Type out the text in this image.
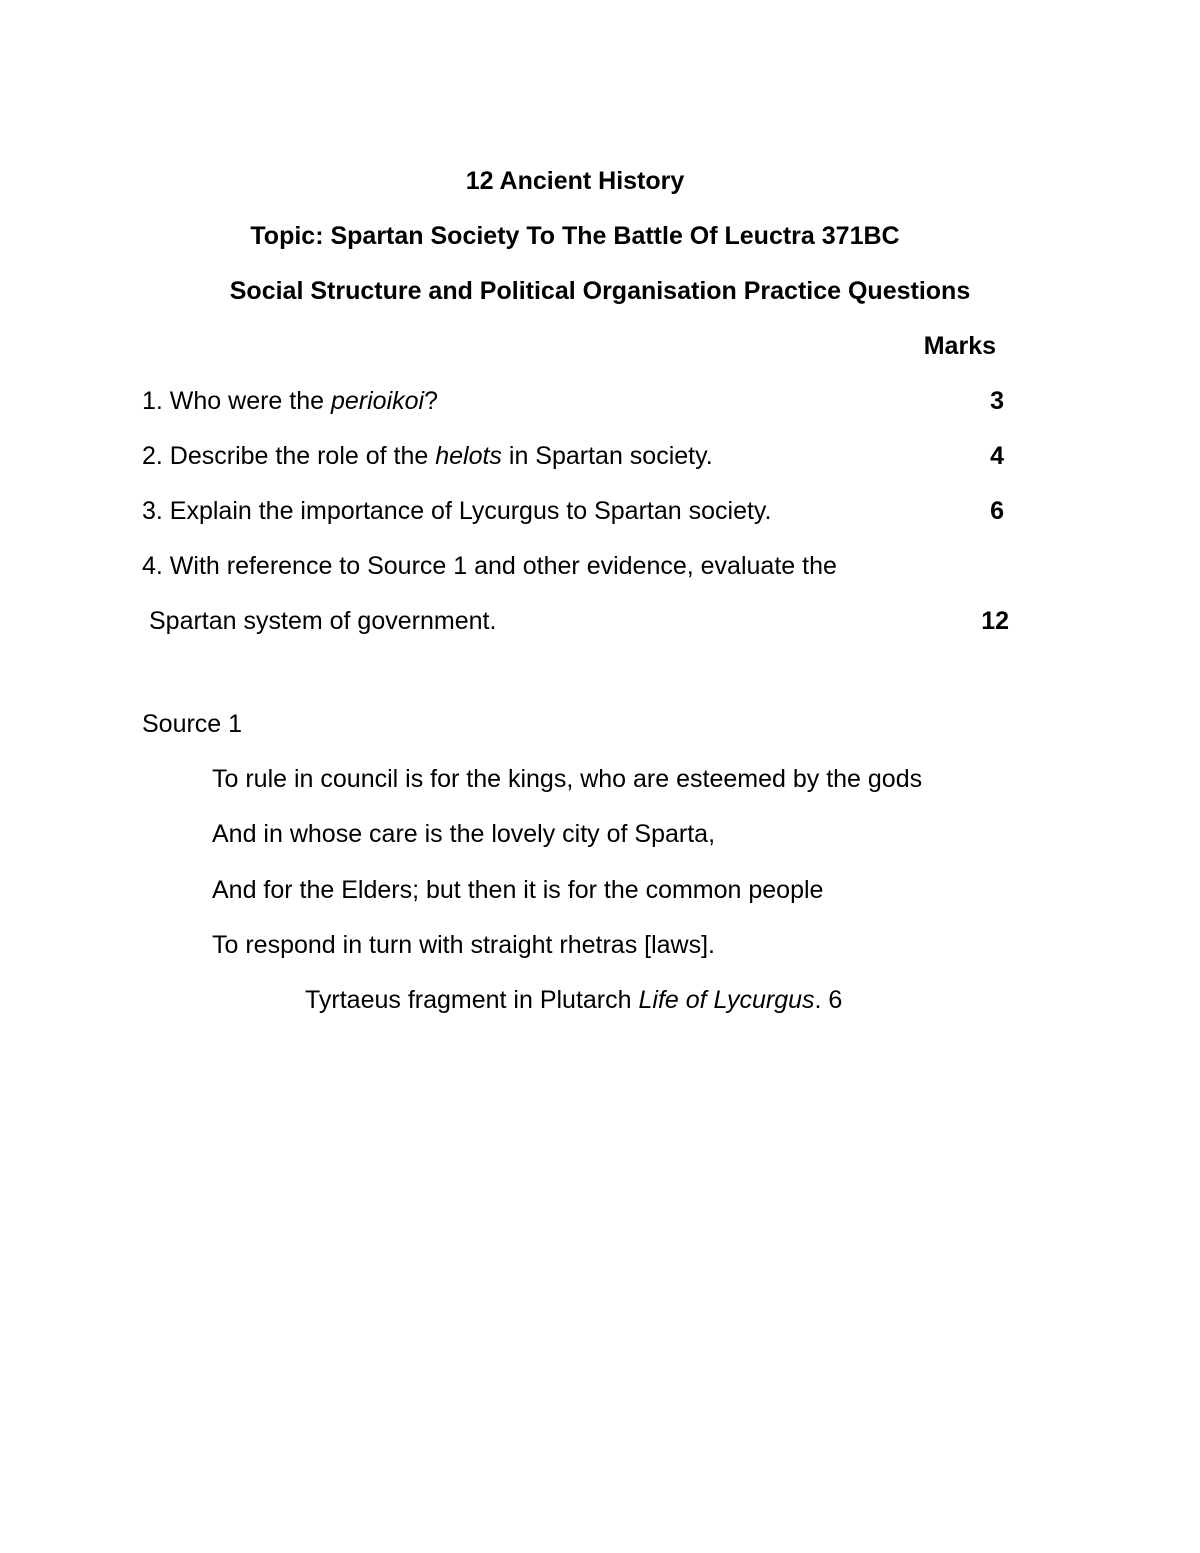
12 Ancient History
Topic: Spartan Society To The Battle Of Leuctra 371BC
Social Structure and Political Organisation Practice Questions
Marks
1. Who were the perioikoi?	3
2. Describe the role of the helots in Spartan society.	4
3. Explain the importance of Lycurgus to Spartan society.	6
4. With reference to Source 1 and other evidence, evaluate the
Spartan system of government.	12
Source 1
To rule in council is for the kings, who are esteemed by the gods
And in whose care is the lovely city of Sparta,
And for the Elders; but then it is for the common people
To respond in turn with straight rhetras [laws].
Tyrtaeus fragment in Plutarch Life of Lycurgus. 6
